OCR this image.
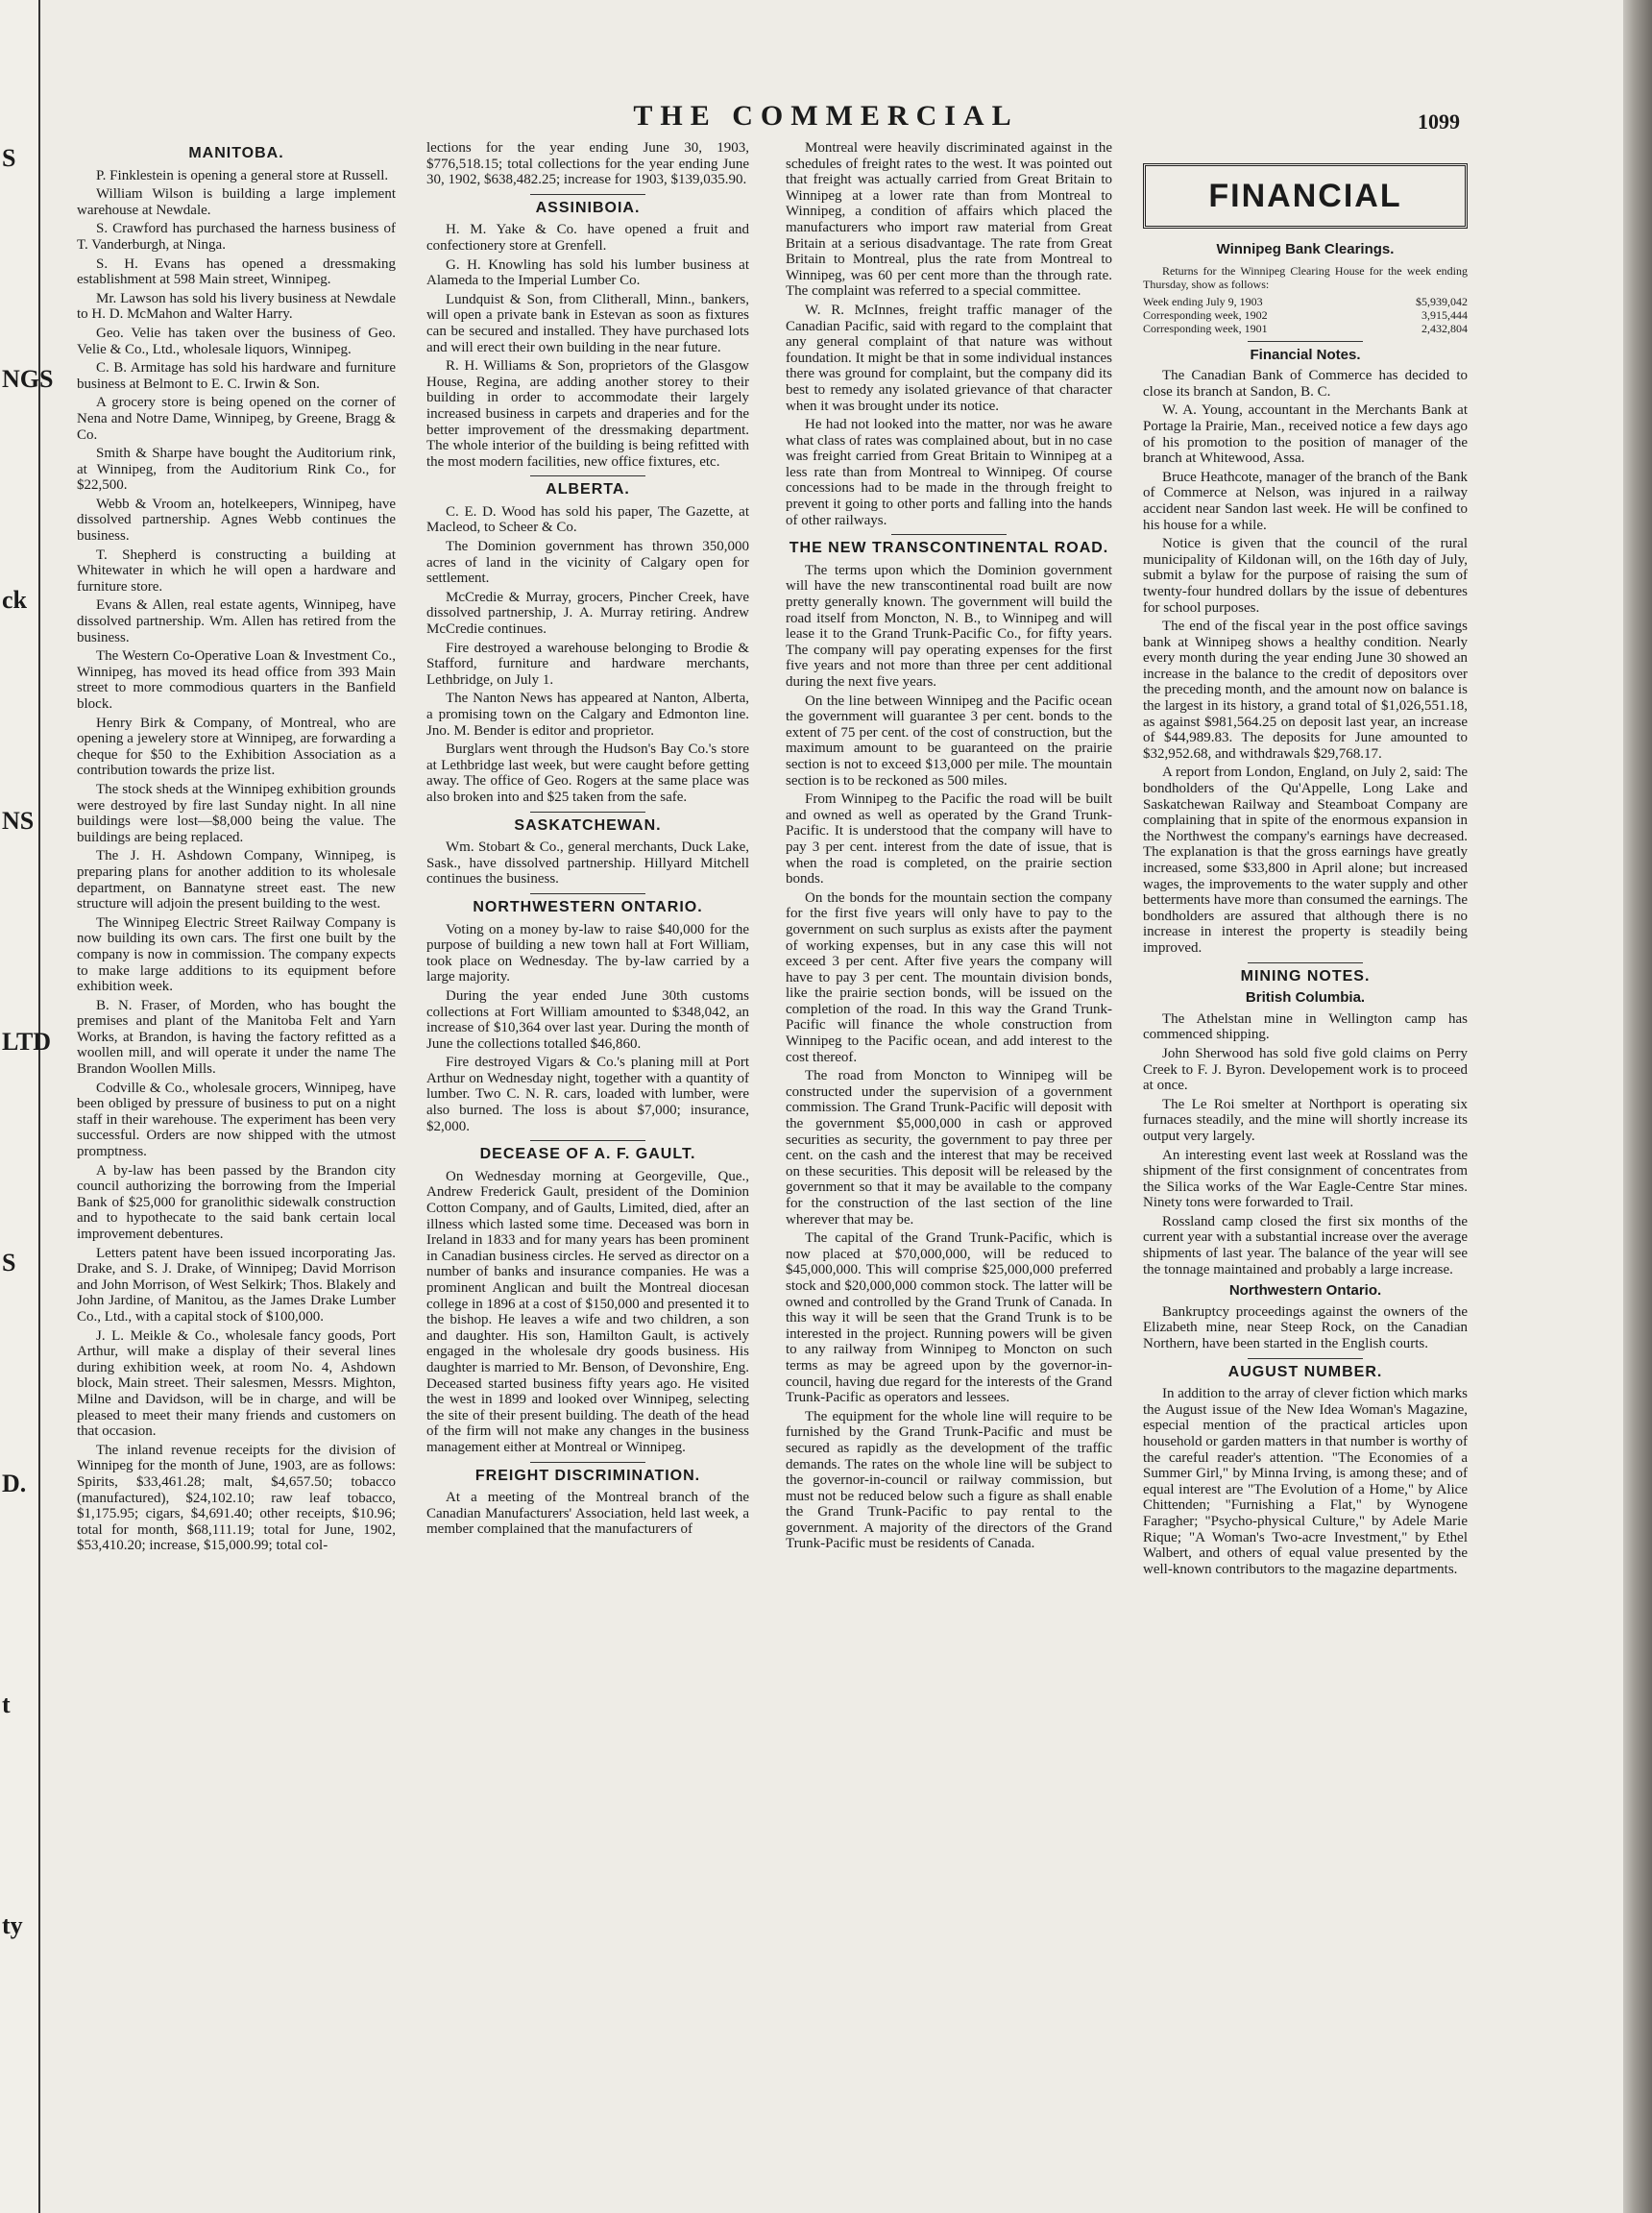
S
NGS
ck
NS
LTD
S
D.
t
ty
THE COMMERCIAL	1099
MANITOBA.

P. Finklestein is opening a general store at Russell.

William Wilson is building a large implement warehouse at Newdale.

S. Crawford has purchased the harness business of T. Vanderburgh, at Ninga.

S. H. Evans has opened a dressmaking establishment at 598 Main street, Winnipeg.

Mr. Lawson has sold his livery business at Newdale to H. D. McMahon and Walter Harry.

Geo. Velie has taken over the business of Geo. Velie & Co., Ltd., wholesale liquors, Winnipeg.

C. B. Armitage has sold his hardware and furniture business at Belmont to E. C. Irwin & Son.

A grocery store is being opened on the corner of Nena and Notre Dame, Winnipeg, by Greene, Bragg & Co.

Smith & Sharpe have bought the Auditorium rink, at Winnipeg, from the Auditorium Rink Co., for $22,500.

Webb & Vroom an, hotelkeepers, Winnipeg, have dissolved partnership. Agnes Webb continues the business.

T. Shepherd is constructing a building at Whitewater in which he will open a hardware and furniture store.

Evans & Allen, real estate agents, Winnipeg, have dissolved partnership. Wm. Allen has retired from the business.

The Western Co-Operative Loan & Investment Co., Winnipeg, has moved its head office from 393 Main street to more commodious quarters in the Banfield block.

Henry Birk & Company, of Montreal, who are opening a jewelery store at Winnipeg, are forwarding a cheque for $50 to the Exhibition Association as a contribution towards the prize list.

The stock sheds at the Winnipeg exhibition grounds were destroyed by fire last Sunday night. In all nine buildings were lost—$8,000 being the value. The buildings are being replaced.

The J. H. Ashdown Company, Winnipeg, is preparing plans for another addition to its wholesale department, on Bannatyne street east. The new structure will adjoin the present building to the west.

The Winnipeg Electric Street Railway Company is now building its own cars. The first one built by the company is now in commission. The company expects to make large additions to its equipment before exhibition week.

B. N. Fraser, of Morden, who has bought the premises and plant of the Manitoba Felt and Yarn Works, at Brandon, is having the factory refitted as a woollen mill, and will operate it under the name The Brandon Woollen Mills.

Codville & Co., wholesale grocers, Winnipeg, have been obliged by pressure of business to put on a night staff in their warehouse. The experiment has been very successful. Orders are now shipped with the utmost promptness.

A by-law has been passed by the Brandon city council authorizing the borrowing from the Imperial Bank of $25,000 for granolithic sidewalk construction and to hypothecate to the said bank certain local improvement debentures.

Letters patent have been issued incorporating Jas. Drake, and S. J. Drake, of Winnipeg; David Morrison and John Morrison, of West Selkirk; Thos. Blakely and John Jardine, of Manitou, as the James Drake Lumber Co., Ltd., with a capital stock of $100,000.

J. L. Meikle & Co., wholesale fancy goods, Port Arthur, will make a display of their several lines during exhibition week, at room No. 4, Ashdown block, Main street. Their salesmen, Messrs. Mighton, Milne and Davidson, will be in charge, and will be pleased to meet their many friends and customers on that occasion.

The inland revenue receipts for the division of Winnipeg for the month of June, 1903, are as follows: Spirits, $33,461.28; malt, $4,657.50; tobacco (manufactured), $24,102.10; raw leaf tobacco, $1,175.95; cigars, $4,691.40; other receipts, $10.96; total for month, $68,111.19; total for June, 1902, $53,410.20; increase, $15,000.99; total col-

lections for the year ending June 30, 1903, $776,518.15; total collections for the year ending June 30, 1902, $638,482.25; increase for 1903, $139,035.90.

ASSINIBOIA.

H. M. Yake & Co. have opened a fruit and confectionery store at Grenfell.

G. H. Knowling has sold his lumber business at Alameda to the Imperial Lumber Co.

Lundquist & Son, from Clitherall, Minn., bankers, will open a private bank in Estevan as soon as fixtures can be secured and installed. They have purchased lots and will erect their own building in the near future.

R. H. Williams & Son, proprietors of the Glasgow House, Regina, are adding another storey to their building in order to accommodate their largely increased business in carpets and draperies and for the better improvement of the dressmaking department. The whole interior of the building is being refitted with the most modern facilities, new office fixtures, etc.

ALBERTA.

C. E. D. Wood has sold his paper, The Gazette, at Macleod, to Scheer & Co.

The Dominion government has thrown 350,000 acres of land in the vicinity of Calgary open for settlement.

McCredie & Murray, grocers, Pincher Creek, have dissolved partnership, J. A. Murray retiring. Andrew McCredie continues.

Fire destroyed a warehouse belonging to Brodie & Stafford, furniture and hardware merchants, Lethbridge, on July 1.

The Nanton News has appeared at Nanton, Alberta, a promising town on the Calgary and Edmonton line. Jno. M. Bender is editor and proprietor.

Burglars went through the Hudson's Bay Co.'s store at Lethbridge last week, but were caught before getting away. The office of Geo. Rogers at the same place was also broken into and $25 taken from the safe.

SASKATCHEWAN.

Wm. Stobart & Co., general merchants, Duck Lake, Sask., have dissolved partnership. Hillyard Mitchell continues the business.

NORTHWESTERN ONTARIO.

Voting on a money by-law to raise $40,000 for the purpose of building a new town hall at Fort William, took place on Wednesday. The by-law carried by a large majority.

During the year ended June 30th customs collections at Fort William amounted to $348,042, an increase of $10,364 over last year. During the month of June the collections totalled $46,860.

Fire destroyed Vigars & Co.'s planing mill at Port Arthur on Wednesday night, together with a quantity of lumber. Two C. N. R. cars, loaded with lumber, were also burned. The loss is about $7,000; insurance, $2,000.

DECEASE OF A. F. GAULT.

On Wednesday morning at Georgeville, Que., Andrew Frederick Gault, president of the Dominion Cotton Company, and of Gaults, Limited, died, after an illness which lasted some time. Deceased was born in Ireland in 1833 and for many years has been prominent in Canadian business circles. He served as director on a number of banks and insurance companies. He was a prominent Anglican and built the Montreal diocesan college in 1896 at a cost of $150,000 and presented it to the bishop. He leaves a wife and two children, a son and daughter. His son, Hamilton Gault, is actively engaged in the wholesale dry goods business. His daughter is married to Mr. Benson, of Devonshire, Eng. Deceased started business fifty years ago. He visited the west in 1899 and looked over Winnipeg, selecting the site of their present building. The death of the head of the firm will not make any changes in the business management either at Montreal or Winnipeg.

FREIGHT DISCRIMINATION.

At a meeting of the Montreal branch of the Canadian Manufacturers' Association, held last week, a member complained that the manufacturers of

Montreal were heavily discriminated against in the schedules of freight rates to the west. It was pointed out that freight was actually carried from Great Britain to Winnipeg at a lower rate than from Montreal to Winnipeg, a condition of affairs which placed the manufacturers who import raw material from Great Britain at a serious disadvantage. The rate from Great Britain to Montreal, plus the rate from Montreal to Winnipeg, was 60 per cent more than the through rate. The complaint was referred to a special committee.

W. R. McInnes, freight traffic manager of the Canadian Pacific, said with regard to the complaint that any general complaint of that nature was without foundation. It might be that in some individual instances there was ground for complaint, but the company did its best to remedy any isolated grievance of that character when it was brought under its notice.

He had not looked into the matter, nor was he aware what class of rates was complained about, but in no case was freight carried from Great Britain to Winnipeg at a less rate than from Montreal to Winnipeg. Of course concessions had to be made in the through freight to prevent it going to other ports and falling into the hands of other railways.

THE NEW TRANSCONTINENTAL ROAD.

The terms upon which the Dominion government will have the new transcontinental road built are now pretty generally known. The government will build the road itself from Moncton, N. B., to Winnipeg and will lease it to the Grand Trunk-Pacific Co., for fifty years. The company will pay operating expenses for the first five years and not more than three per cent additional during the next five years.

On the line between Winnipeg and the Pacific ocean the government will guarantee 3 per cent. bonds to the extent of 75 per cent. of the cost of construction, but the maximum amount to be guaranteed on the prairie section is not to exceed $13,000 per mile. The mountain section is to be reckoned as 500 miles.

From Winnipeg to the Pacific the road will be built and owned as well as operated by the Grand Trunk-Pacific. It is understood that the company will have to pay 3 per cent. interest from the date of issue, that is when the road is completed, on the prairie section bonds.

On the bonds for the mountain section the company for the first five years will only have to pay to the government on such surplus as exists after the payment of working expenses, but in any case this will not exceed 3 per cent. After five years the company will have to pay 3 per cent. The mountain division bonds, like the prairie section bonds, will be issued on the completion of the road. In this way the Grand Trunk-Pacific will finance the whole construction from Winnipeg to the Pacific ocean, and add interest to the cost thereof.

The road from Moncton to Winnipeg will be constructed under the supervision of a government commission. The Grand Trunk-Pacific will deposit with the government $5,000,000 in cash or approved securities as security, the government to pay three per cent. on the cash and the interest that may be received on these securities. This deposit will be released by the government so that it may be available to the company for the construction of the last section of the line wherever that may be.

The capital of the Grand Trunk-Pacific, which is now placed at $70,000,000, will be reduced to $45,000,000. This will comprise $25,000,000 preferred stock and $20,000,000 common stock. The latter will be owned and controlled by the Grand Trunk of Canada. In this way it will be seen that the Grand Trunk is to be interested in the project. Running powers will be given to any railway from Winnipeg to Moncton on such terms as may be agreed upon by the governor-in-council, having due regard for the interests of the Grand Trunk-Pacific as operators and lessees.

The equipment for the whole line will require to be furnished by the Grand Trunk-Pacific and must be secured as rapidly as the development of the traffic demands. The rates on the whole line will be subject to the governor-in-council or railway commission, but must not be reduced below such a figure as shall enable the Grand Trunk-Pacific to pay rental to the government. A majority of the directors of the Grand Trunk-Pacific must be residents of Canada.

FINANCIAL
Winnipeg Bank Clearings.

Returns for the Winnipeg Clearing House for the week ending Thursday, show as follows:

Week ending July 9, 1903	$5,939,042
Corresponding week, 1902	3,915,444
Corresponding week, 1901	2,432,804
Financial Notes.

The Canadian Bank of Commerce has decided to close its branch at Sandon, B. C.

W. A. Young, accountant in the Merchants Bank at Portage la Prairie, Man., received notice a few days ago of his promotion to the position of manager of the branch at Whitewood, Assa.

Bruce Heathcote, manager of the branch of the Bank of Commerce at Nelson, was injured in a railway accident near Sandon last week. He will be confined to his house for a while.

Notice is given that the council of the rural municipality of Kildonan will, on the 16th day of July, submit a bylaw for the purpose of raising the sum of twenty-four hundred dollars by the issue of debentures for school purposes.

The end of the fiscal year in the post office savings bank at Winnipeg shows a healthy condition. Nearly every month during the year ending June 30 showed an increase in the balance to the credit of depositors over the preceding month, and the amount now on balance is the largest in its history, a grand total of $1,026,551.18, as against $981,564.25 on deposit last year, an increase of $44,989.83. The deposits for June amounted to $32,952.68, and withdrawals $29,768.17.

A report from London, England, on July 2, said: The bondholders of the Qu'Appelle, Long Lake and Saskatchewan Railway and Steamboat Company are complaining that in spite of the enormous expansion in the Northwest the company's earnings have decreased. The explanation is that the gross earnings have greatly increased, some $33,800 in April alone; but increased wages, the improvements to the water supply and other betterments have more than consumed the earnings. The bondholders are assured that although there is no increase in interest the property is steadily being improved.

MINING NOTES.
British Columbia.

The Athelstan mine in Wellington camp has commenced shipping.

John Sherwood has sold five gold claims on Perry Creek to F. J. Byron. Developement work is to proceed at once.

The Le Roi smelter at Northport is operating six furnaces steadily, and the mine will shortly increase its output very largely.

An interesting event last week at Rossland was the shipment of the first consignment of concentrates from the Silica works of the War Eagle-Centre Star mines. Ninety tons were forwarded to Trail.

Rossland camp closed the first six months of the current year with a substantial increase over the average shipments of last year. The balance of the year will see the tonnage maintained and probably a large increase.

Northwestern Ontario.

Bankruptcy proceedings against the owners of the Elizabeth mine, near Steep Rock, on the Canadian Northern, have been started in the English courts.

AUGUST NUMBER.

In addition to the array of clever fiction which marks the August issue of the New Idea Woman's Magazine, especial mention of the practical articles upon household or garden matters in that number is worthy of the careful reader's attention. "The Economies of a Summer Girl," by Minna Irving, is among these; and of equal interest are "The Evolution of a Home," by Alice Chittenden; "Furnishing a Flat," by Wynogene Faragher; "Psycho-physical Culture," by Adele Marie Rique; "A Woman's Two-acre Investment," by Ethel Walbert, and others of equal value presented by the well-known contributors to the magazine departments.
